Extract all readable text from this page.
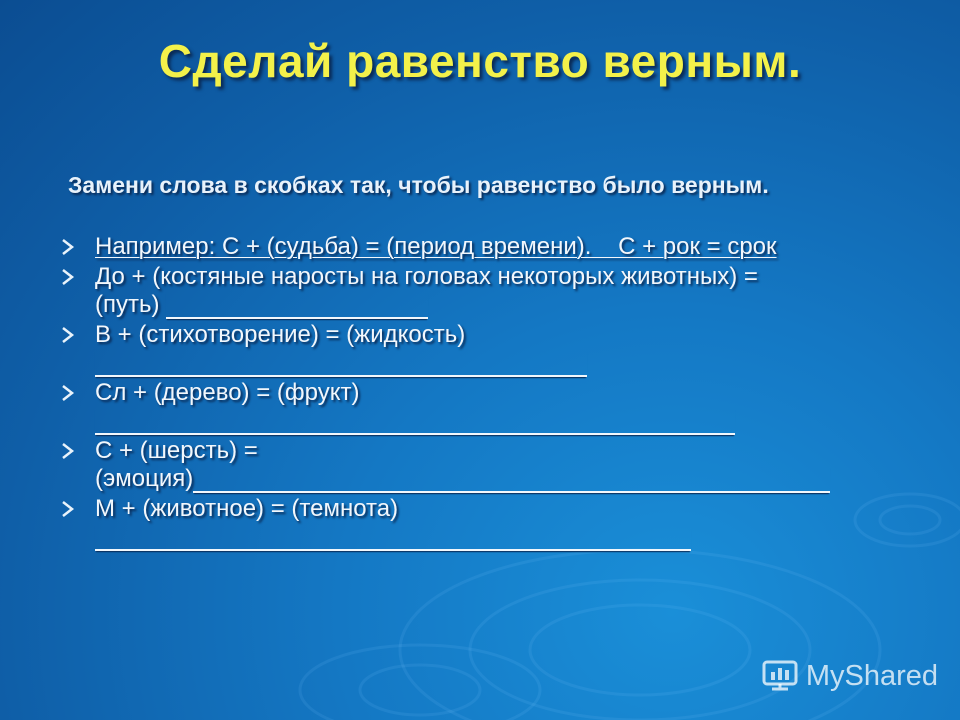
Сделай равенство верным.
Замени слова в скобках так, чтобы равенство было верным.
Например: С + (судьба) = (период времени).    С + рок = срок
До + (костяные наросты на головах некоторых животных) =
(путь)
В + (стихотворение) = (жидкость)
Сл + (дерево) = (фрукт)
С + (шерсть) =
(эмоция)
М + (животное) = (темнота)
MyShared
